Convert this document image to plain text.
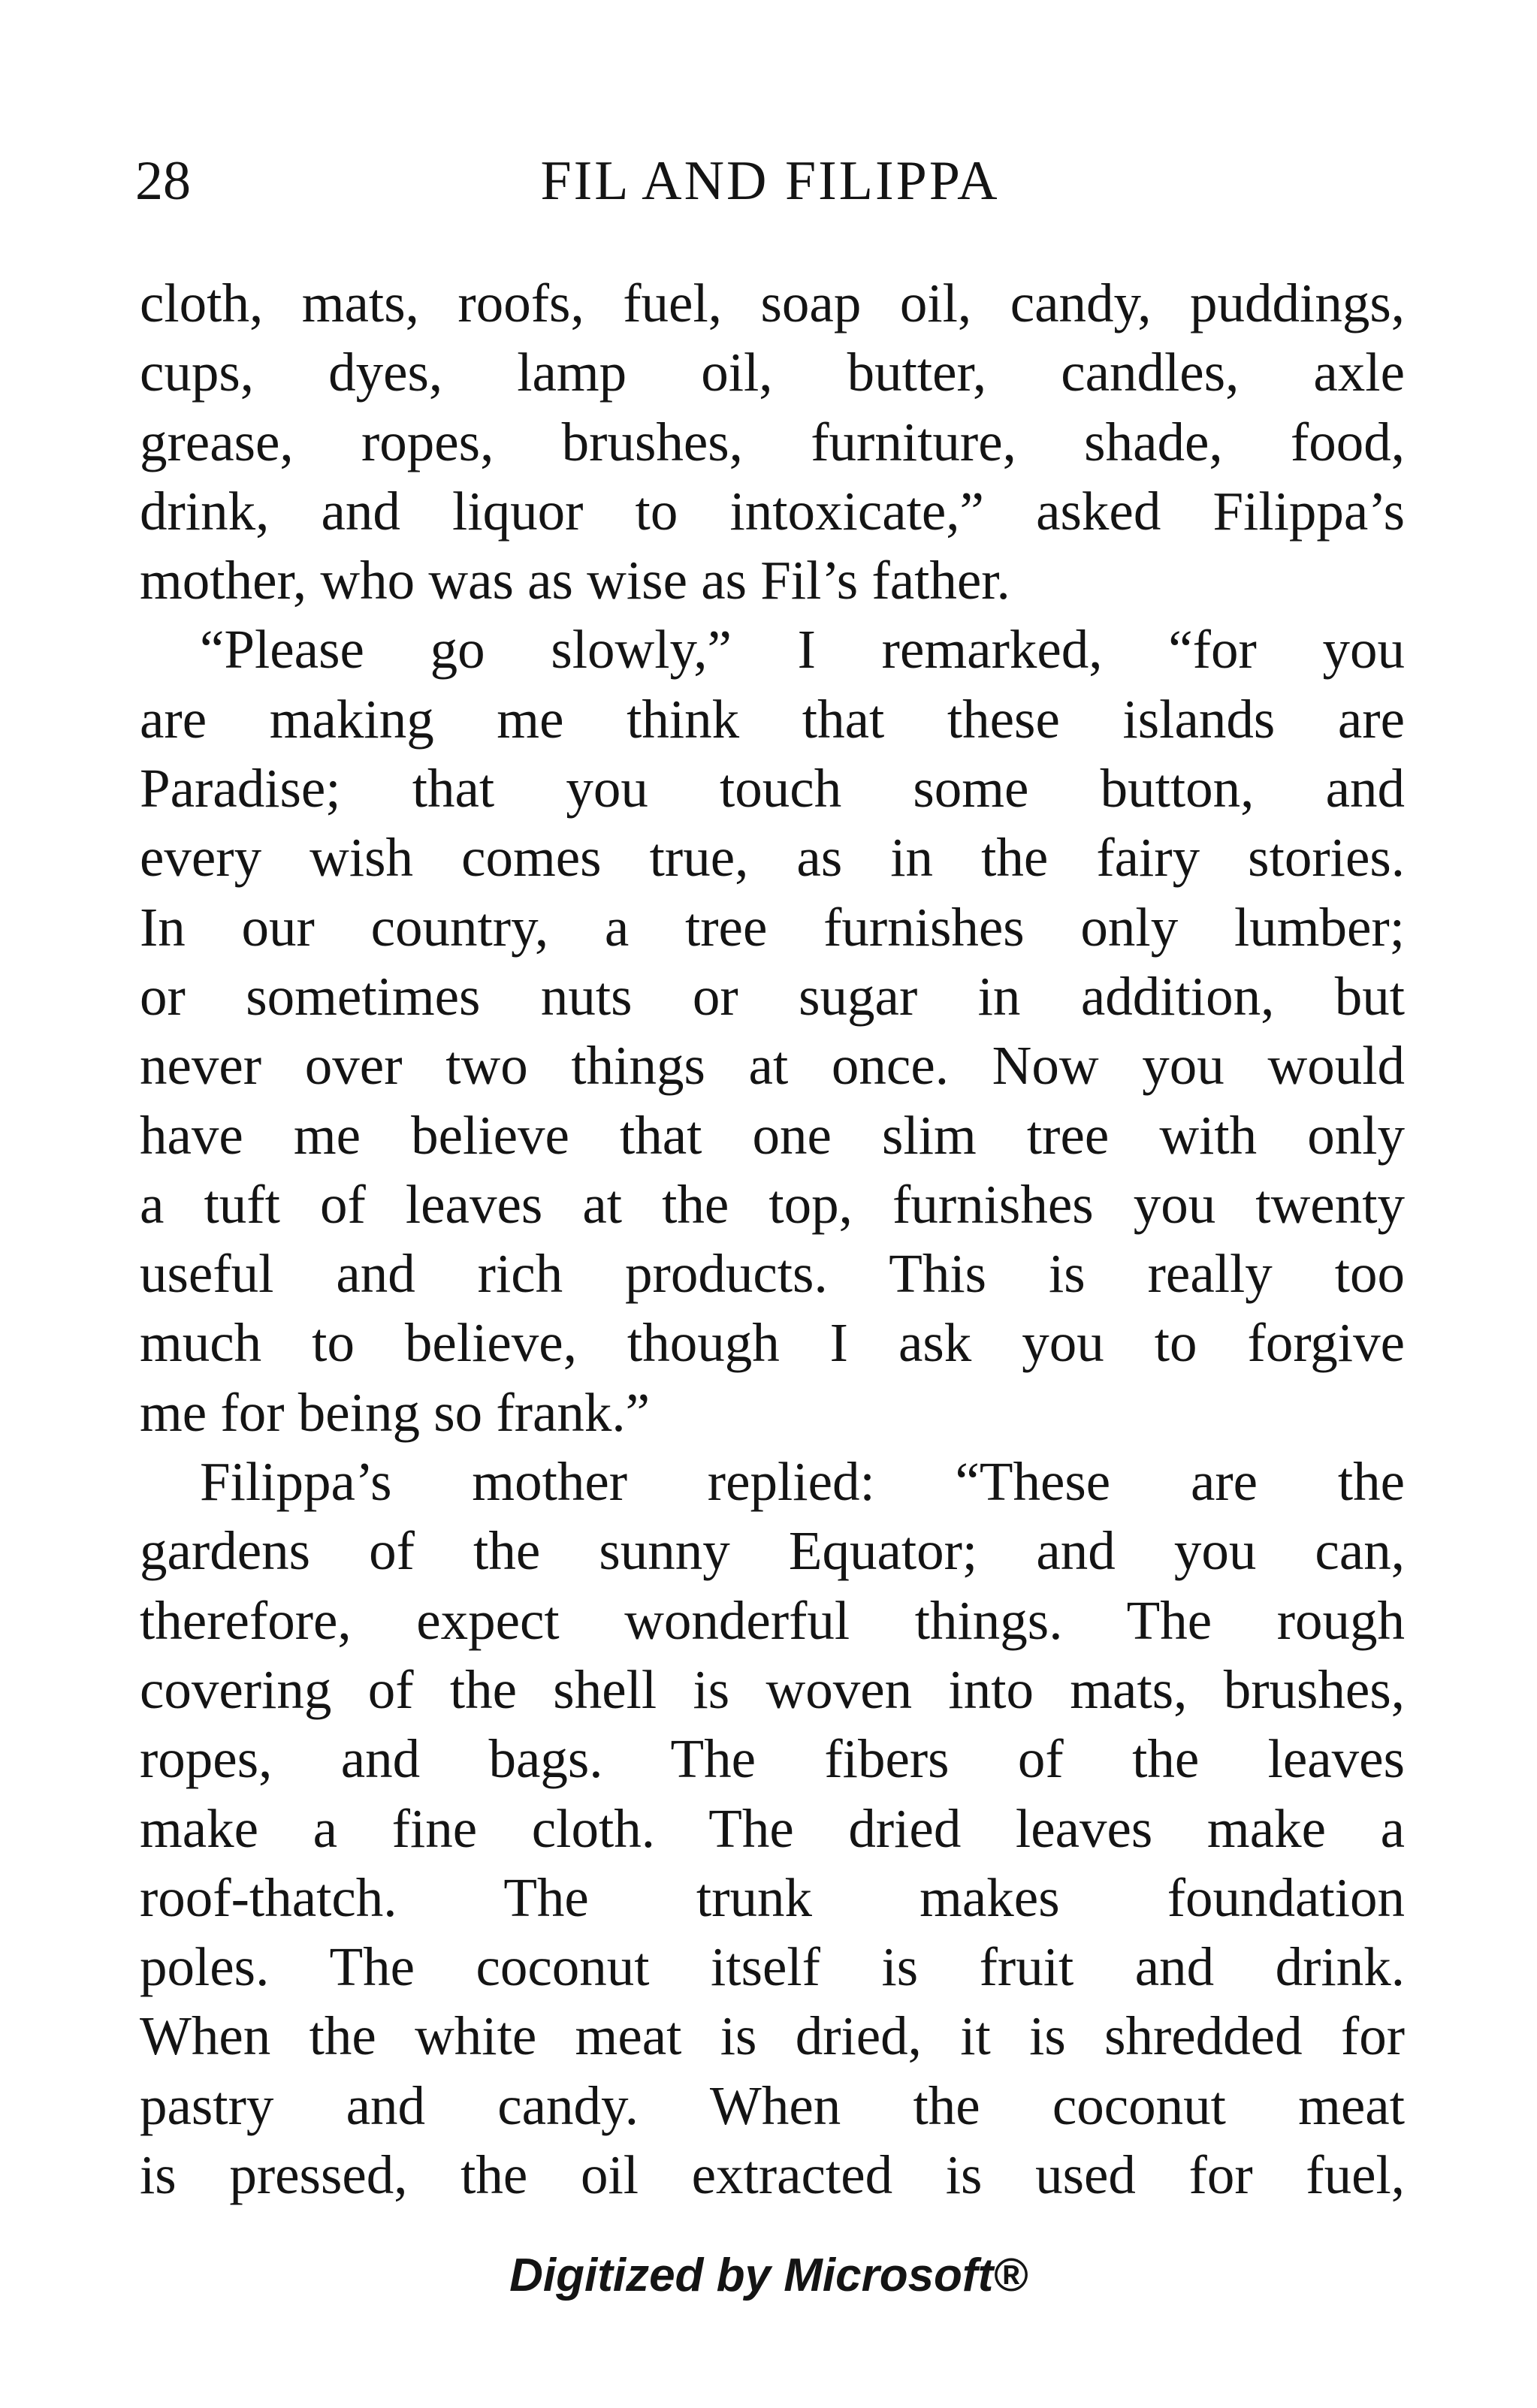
28	FIL AND FILIPPA
cloth, mats, roofs, fuel, soap oil, candy, puddings,
cups, dyes, lamp oil, butter, candles, axle
grease, ropes, brushes, furniture, shade, food,
drink, and liquor to intoxicate,” asked Filippa’s
mother, who was as wise as Fil’s father.
“Please go slowly,” I remarked, “for you
are making me think that these islands are
Paradise; that you touch some button, and
every wish comes true, as in the fairy stories.
In our country, a tree furnishes only lumber;
or sometimes nuts or sugar in addition, but
never over two things at once. Now you would
have me believe that one slim tree with only
a tuft of leaves at the top, furnishes you twenty
useful and rich products. This is really too
much to believe, though I ask you to forgive
me for being so frank.”
Filippa’s mother replied: “These are the
gardens of the sunny Equator; and you can,
therefore, expect wonderful things. The rough
covering of the shell is woven into mats, brushes,
ropes, and bags. The fibers of the leaves
make a fine cloth. The dried leaves make a
roof-thatch. The trunk makes foundation
poles. The coconut itself is fruit and drink.
When the white meat is dried, it is shredded for
pastry and candy. When the coconut meat
is pressed, the oil extracted is used for fuel,
Digitized by Microsoft®
